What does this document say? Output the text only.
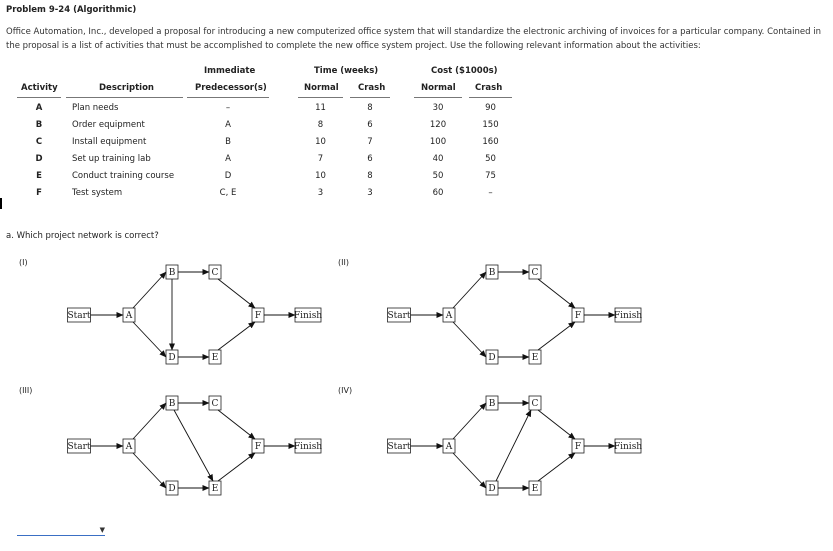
Problem 9-24 (Algorithmic)
Office Automation, Inc., developed a proposal for introducing a new computerized office system that will standardize the electronic archiving of invoices for a particular company. Contained in the proposal is a list of activities that must be accomplished to complete the new office system project. Use the following relevant information about the activities:
Immediate	Time (weeks)	Cost ($1000s)
Activity	Description	Predecessor(s)	Normal Crash	Normal Crash
A	Plan needs	–	11	8	30	90
B	Order equipment	A	8	6	120	150
C	Install equipment	B	10	7	100	160
D	Set up training lab	A	7	6	40	50
E	Conduct training course	D	10	8	50	75
F	Test system	C, E	3	3	60	–
a. Which project network is correct?
(I)	(II)
(III)	(IV)
Start	A
B	C
D	E
F	Finish	Start	A
B	C
D	E
F	Finish
Start	A
B	C
D	E
F	Finish	Start	A
B	C
D	E
F	Finish
▼
